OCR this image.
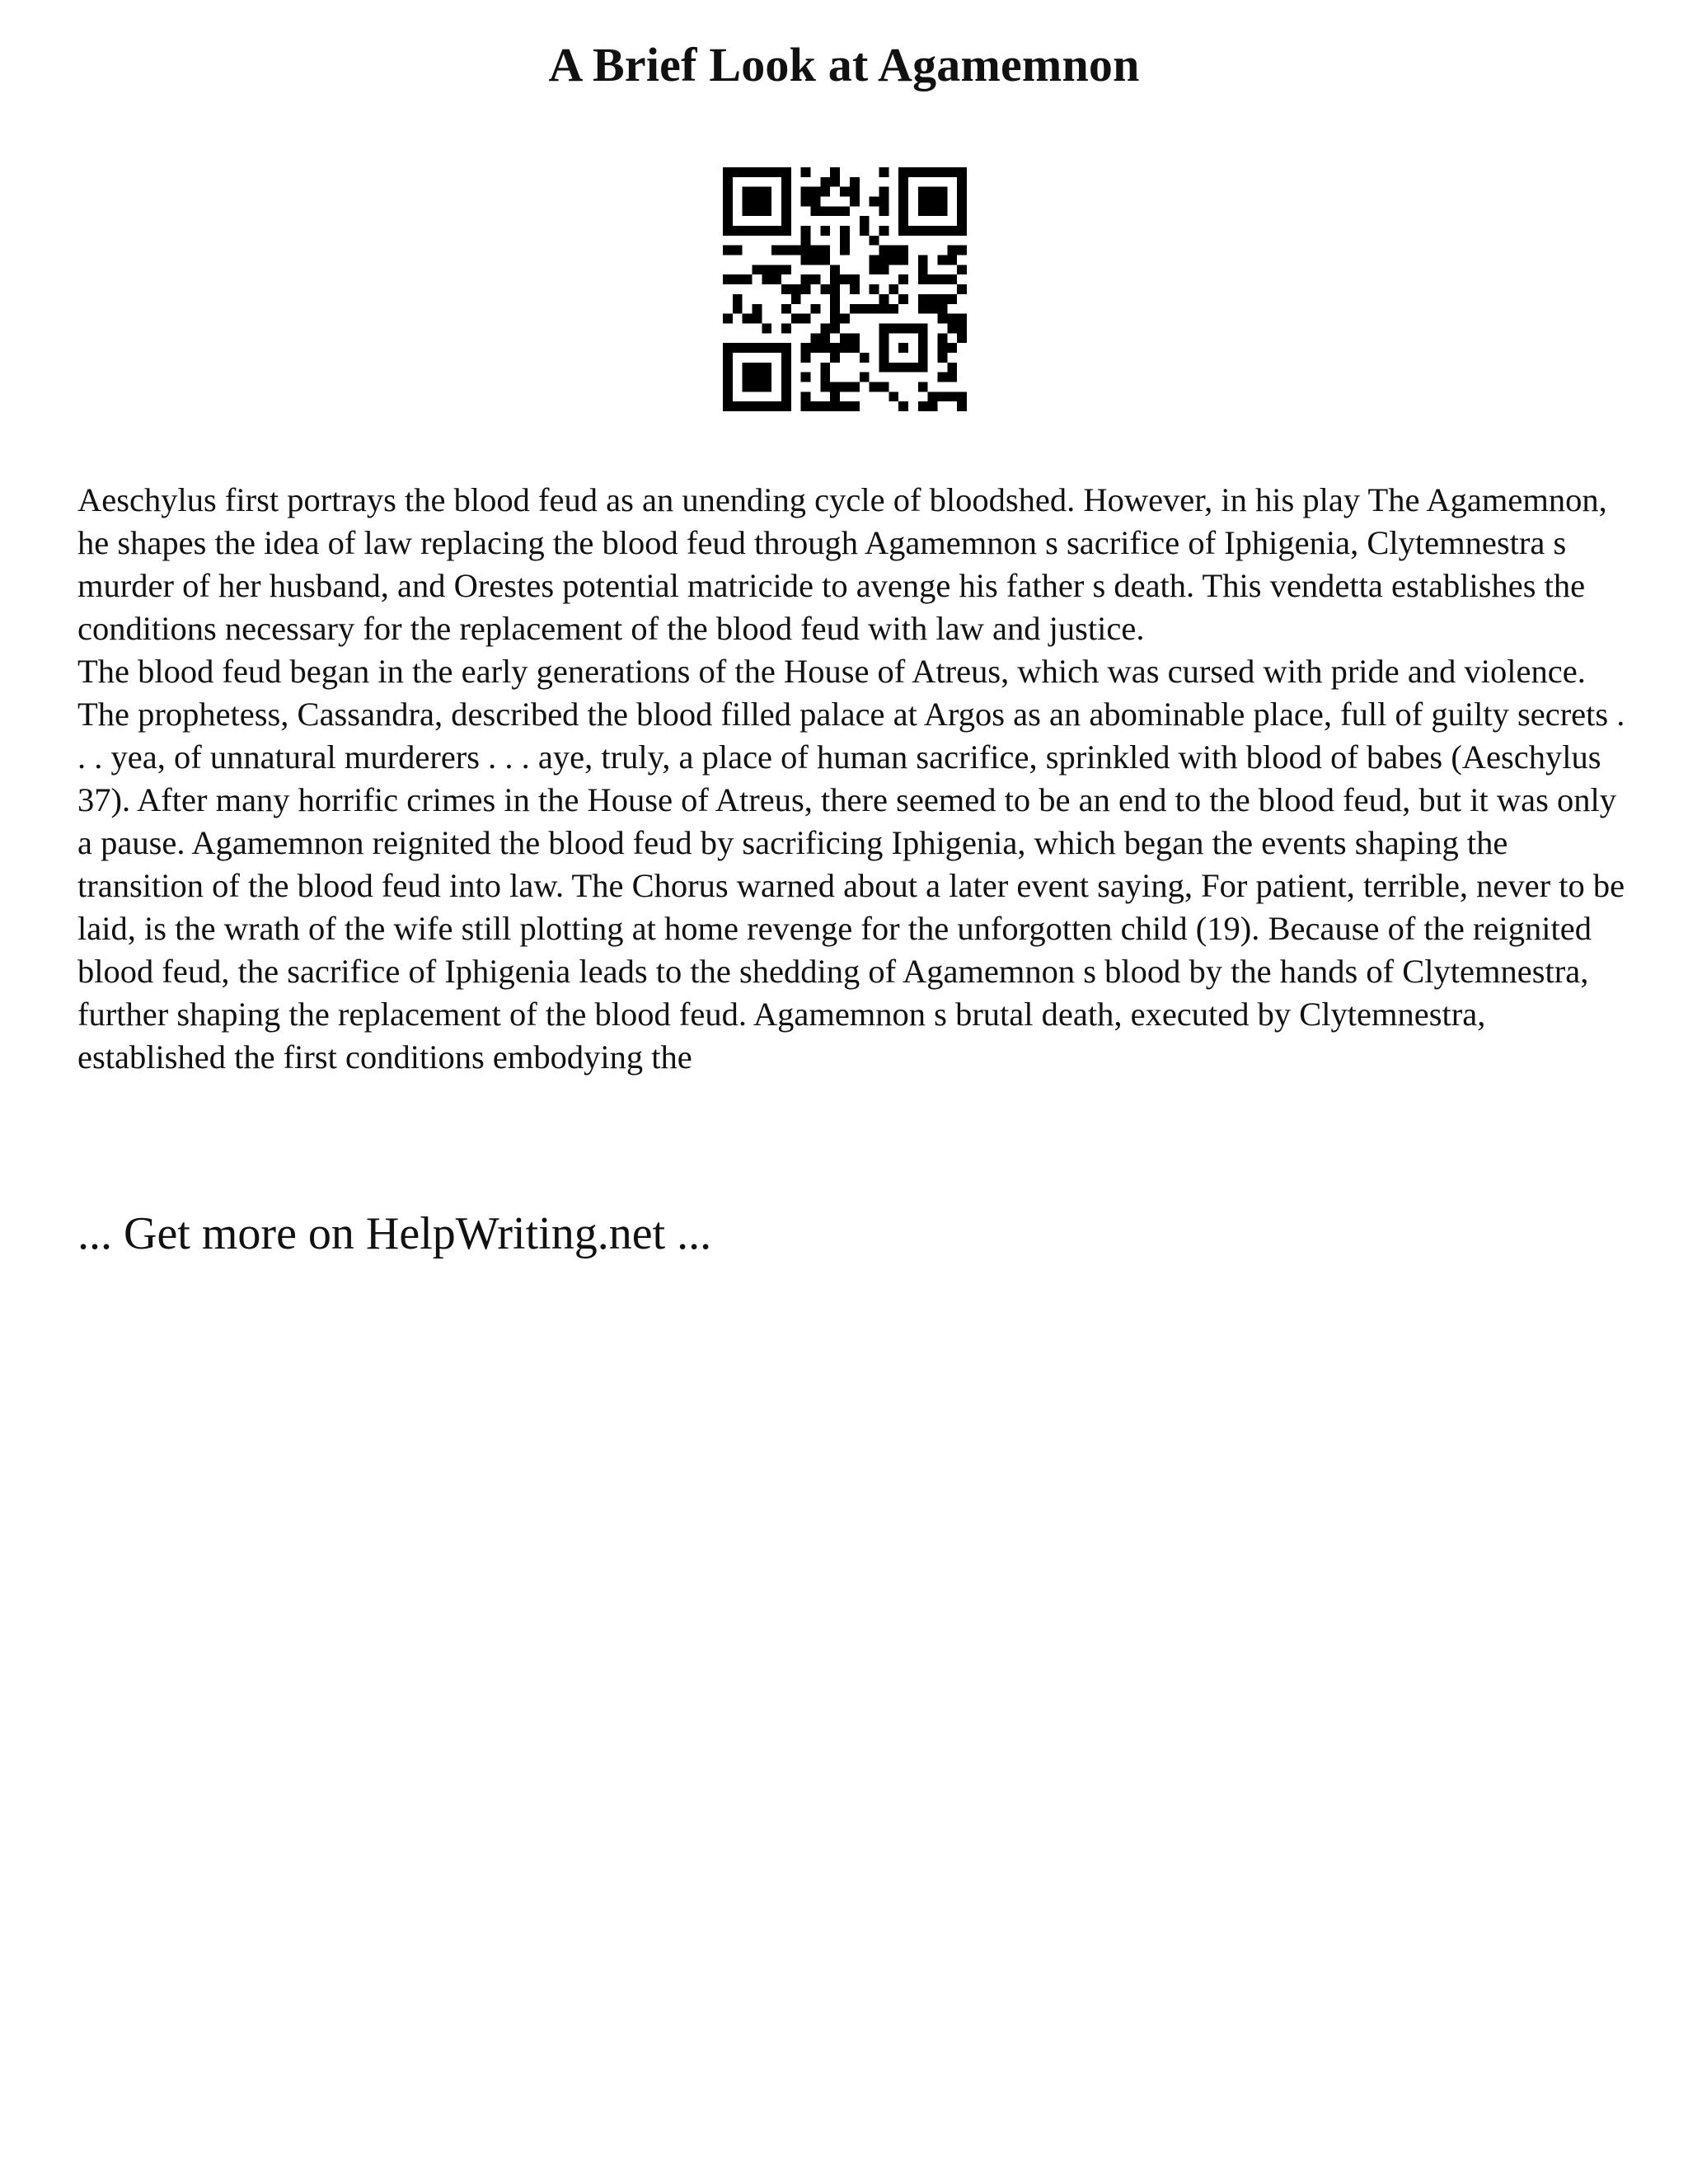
A Brief Look at Agamemnon

Aeschylus first portrays the blood feud as an unending cycle of bloodshed. However, in his play The Agamemnon, he shapes the idea of law replacing the blood feud through Agamemnon s sacrifice of Iphigenia, Clytemnestra s murder of her husband, and Orestes potential matricide to avenge his father s death. This vendetta establishes the conditions necessary for the replacement of the blood feud with law and justice.

The blood feud began in the early generations of the House of Atreus, which was cursed with pride and violence. The prophetess, Cassandra, described the blood filled palace at Argos as an abominable place, full of guilty secrets . . . yea, of unnatural murderers . . . aye, truly, a place of human sacrifice, sprinkled with blood of babes (Aeschylus 37). After many horrific crimes in the House of Atreus, there seemed to be an end to the blood feud, but it was only a pause. Agamemnon reignited the blood feud by sacrificing Iphigenia, which began the events shaping the transition of the blood feud into law. The Chorus warned about a later event saying, For patient, terrible, never to be laid, is the wrath of the wife still plotting at home revenge for the unforgotten child (19). Because of the reignited blood feud, the sacrifice of Iphigenia leads to the shedding of Agamemnon s blood by the hands of Clytemnestra, further shaping the replacement of the blood feud. Agamemnon s brutal death, executed by Clytemnestra, established the first conditions embodying the

... Get more on HelpWriting.net ...
